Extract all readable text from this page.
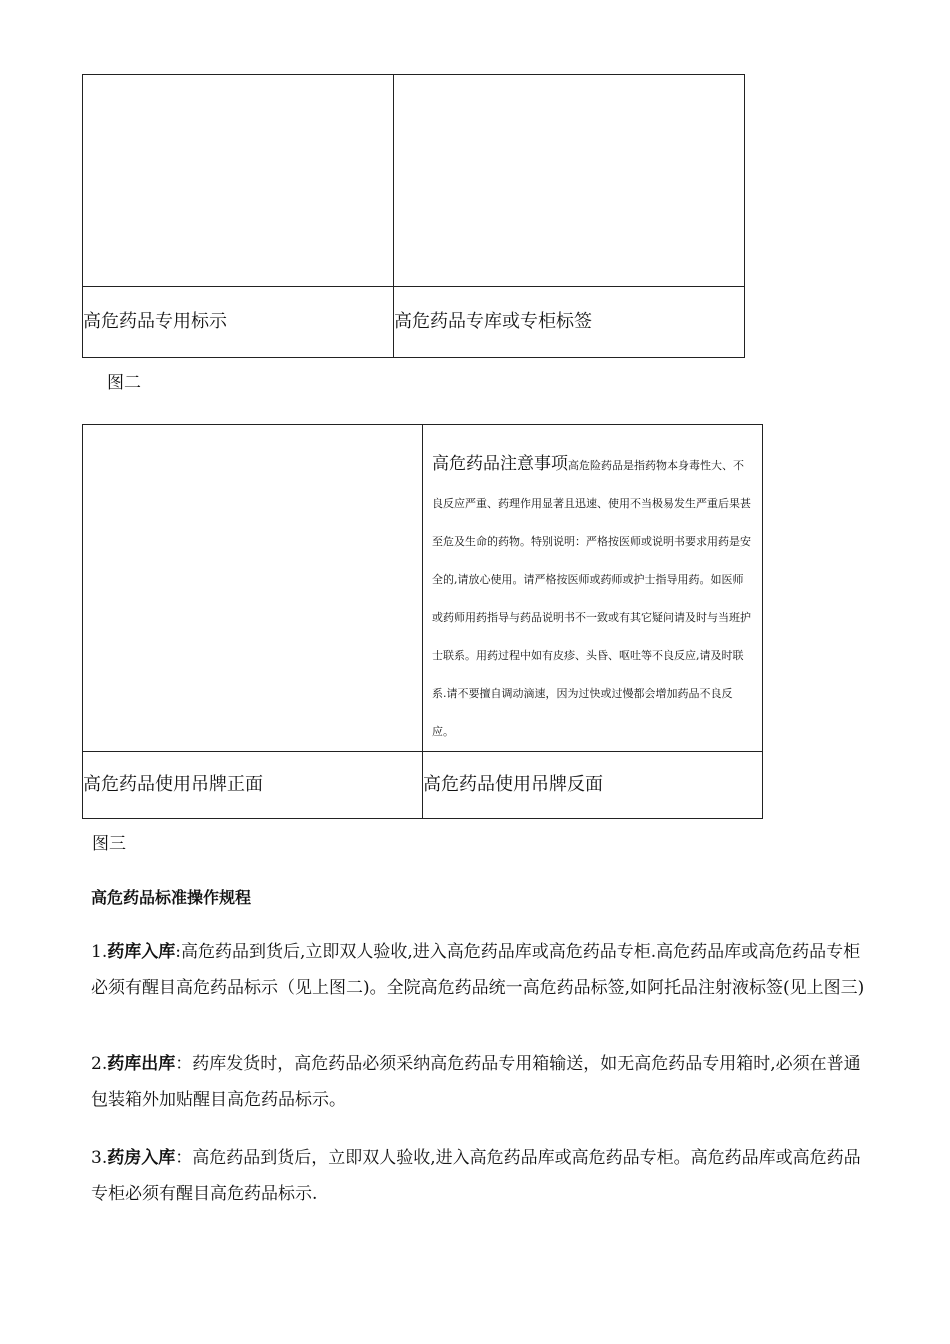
高危药品专用标示	高危药品专库或专柜标签
图二

	高危药品注意事项高危险药品是指药物本身毒性大、不良反应严重、药理作用显著且迅速、使用不当极易发生严重后果甚至危及生命的药物。特别说明：严格按医师或说明书要求用药是安全的,请放心使用。请严格按医师或药师或护士指导用药。如医师或药师用药指导与药品说明书不一致或有其它疑问请及时与当班护士联系。用药过程中如有皮疹、头昏、呕吐等不良反应,请及时联系.请不要擅自调动滴速，因为过快或过慢都会增加药品不良反应。

高危药品使用吊牌正面	高危药品使用吊牌反面
图三
高危药品标准操作规程
1.药库入库:高危药品到货后,立即双人验收,进入高危药品库或高危药品专柜.高危药品库或高危药品专柜必须有醒目高危药品标示（见上图二)。全院高危药品统一高危药品标签,如阿托品注射液标签(见上图三)
2.药库出库：药库发货时，高危药品必须采纳高危药品专用箱输送，如无高危药品专用箱时,必须在普通包装箱外加贴醒目高危药品标示。
3.药房入库：高危药品到货后，立即双人验收,进入高危药品库或高危药品专柜。高危药品库或高危药品专柜必须有醒目高危药品标示.
